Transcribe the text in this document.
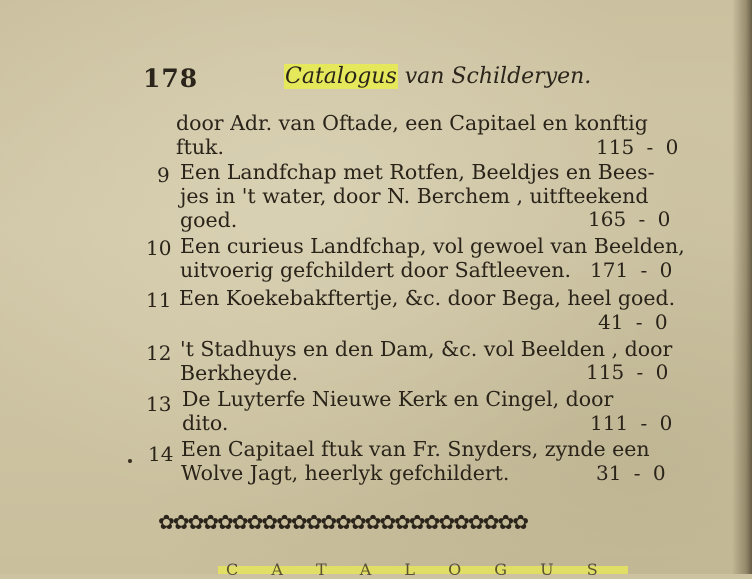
178	Catalogus van Schilderyen.
door Adr. van Oftade, een Capitael en konftig
ftuk.	115 - 0
9 Een Landfchap met Rotfen, Beeldjes en Bees-
jes in 't water, door N. Berchem , uitfteekend
goed.	165 - 0
10 Een curieus Landfchap, vol gewoel van Beelden,
uitvoerig gefchildert door Saftleeven. 171 - 0
11 Een Koekebakftertje, &c. door Bega, heel goed.
41 - 0
12 't Stadhuys en den Dam, &c. vol Beelden , door
Berkheyde.	115 - 0
13 De Luyterfe Nieuwe Kerk en Cingel, door
dito.	111 - 0
14 Een Capitael ftuk van Fr. Snyders, zynde een
Wolve Jagt, heerlyk gefchildert.	31 - 0
✿✿✿✿✿✿✿✿✿✿✿✿✿✿✿✿✿✿✿✿✿✿✿✿✿
C A T A L O G U S
